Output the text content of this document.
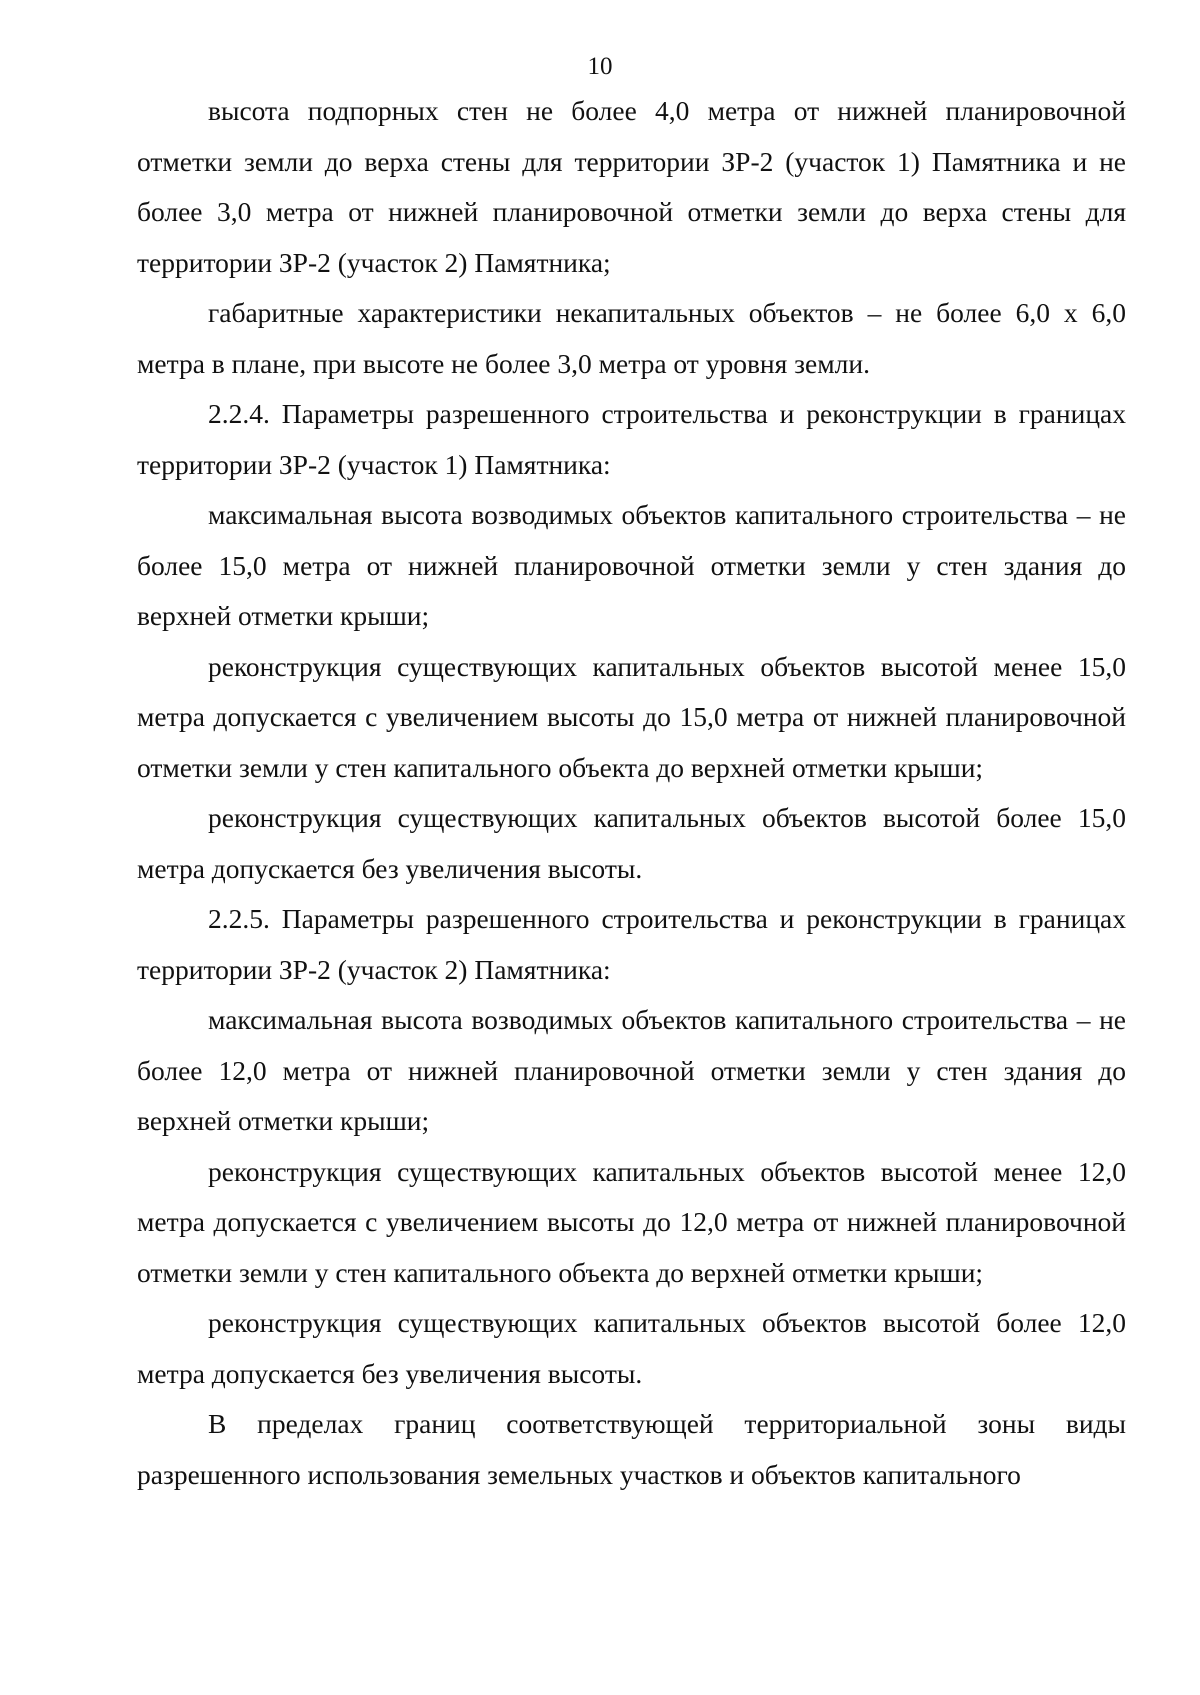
10

высота подпорных стен не более 4,0 метра от нижней планировочной отметки земли до верха стены для территории ЗР-2 (участок 1) Памятника и не более 3,0 метра от нижней планировочной отметки земли до верха стены для территории ЗР-2 (участок 2) Памятника;

габаритные характеристики некапитальных объектов – не более 6,0 х 6,0 метра в плане, при высоте не более 3,0 метра от уровня земли.

2.2.4. Параметры разрешенного строительства и реконструкции в границах территории ЗР-2 (участок 1) Памятника:

максимальная высота возводимых объектов капитального строительства – не более 15,0 метра от нижней планировочной отметки земли у стен здания до верхней отметки крыши;

реконструкция существующих капитальных объектов высотой менее 15,0 метра допускается с увеличением высоты до 15,0 метра от нижней планировочной отметки земли у стен капитального объекта до верхней отметки крыши;

реконструкция существующих капитальных объектов высотой более 15,0 метра допускается без увеличения высоты.

2.2.5. Параметры разрешенного строительства и реконструкции в границах территории ЗР-2 (участок 2) Памятника:

максимальная высота возводимых объектов капитального строительства – не более 12,0 метра от нижней планировочной отметки земли у стен здания до верхней отметки крыши;

реконструкция существующих капитальных объектов высотой менее 12,0 метра допускается с увеличением высоты до 12,0 метра от нижней планировочной отметки земли у стен капитального объекта до верхней отметки крыши;

реконструкция существующих капитальных объектов высотой более 12,0 метра допускается без увеличения высоты.

В пределах границ соответствующей территориальной зоны виды разрешенного использования земельных участков и объектов капитального
